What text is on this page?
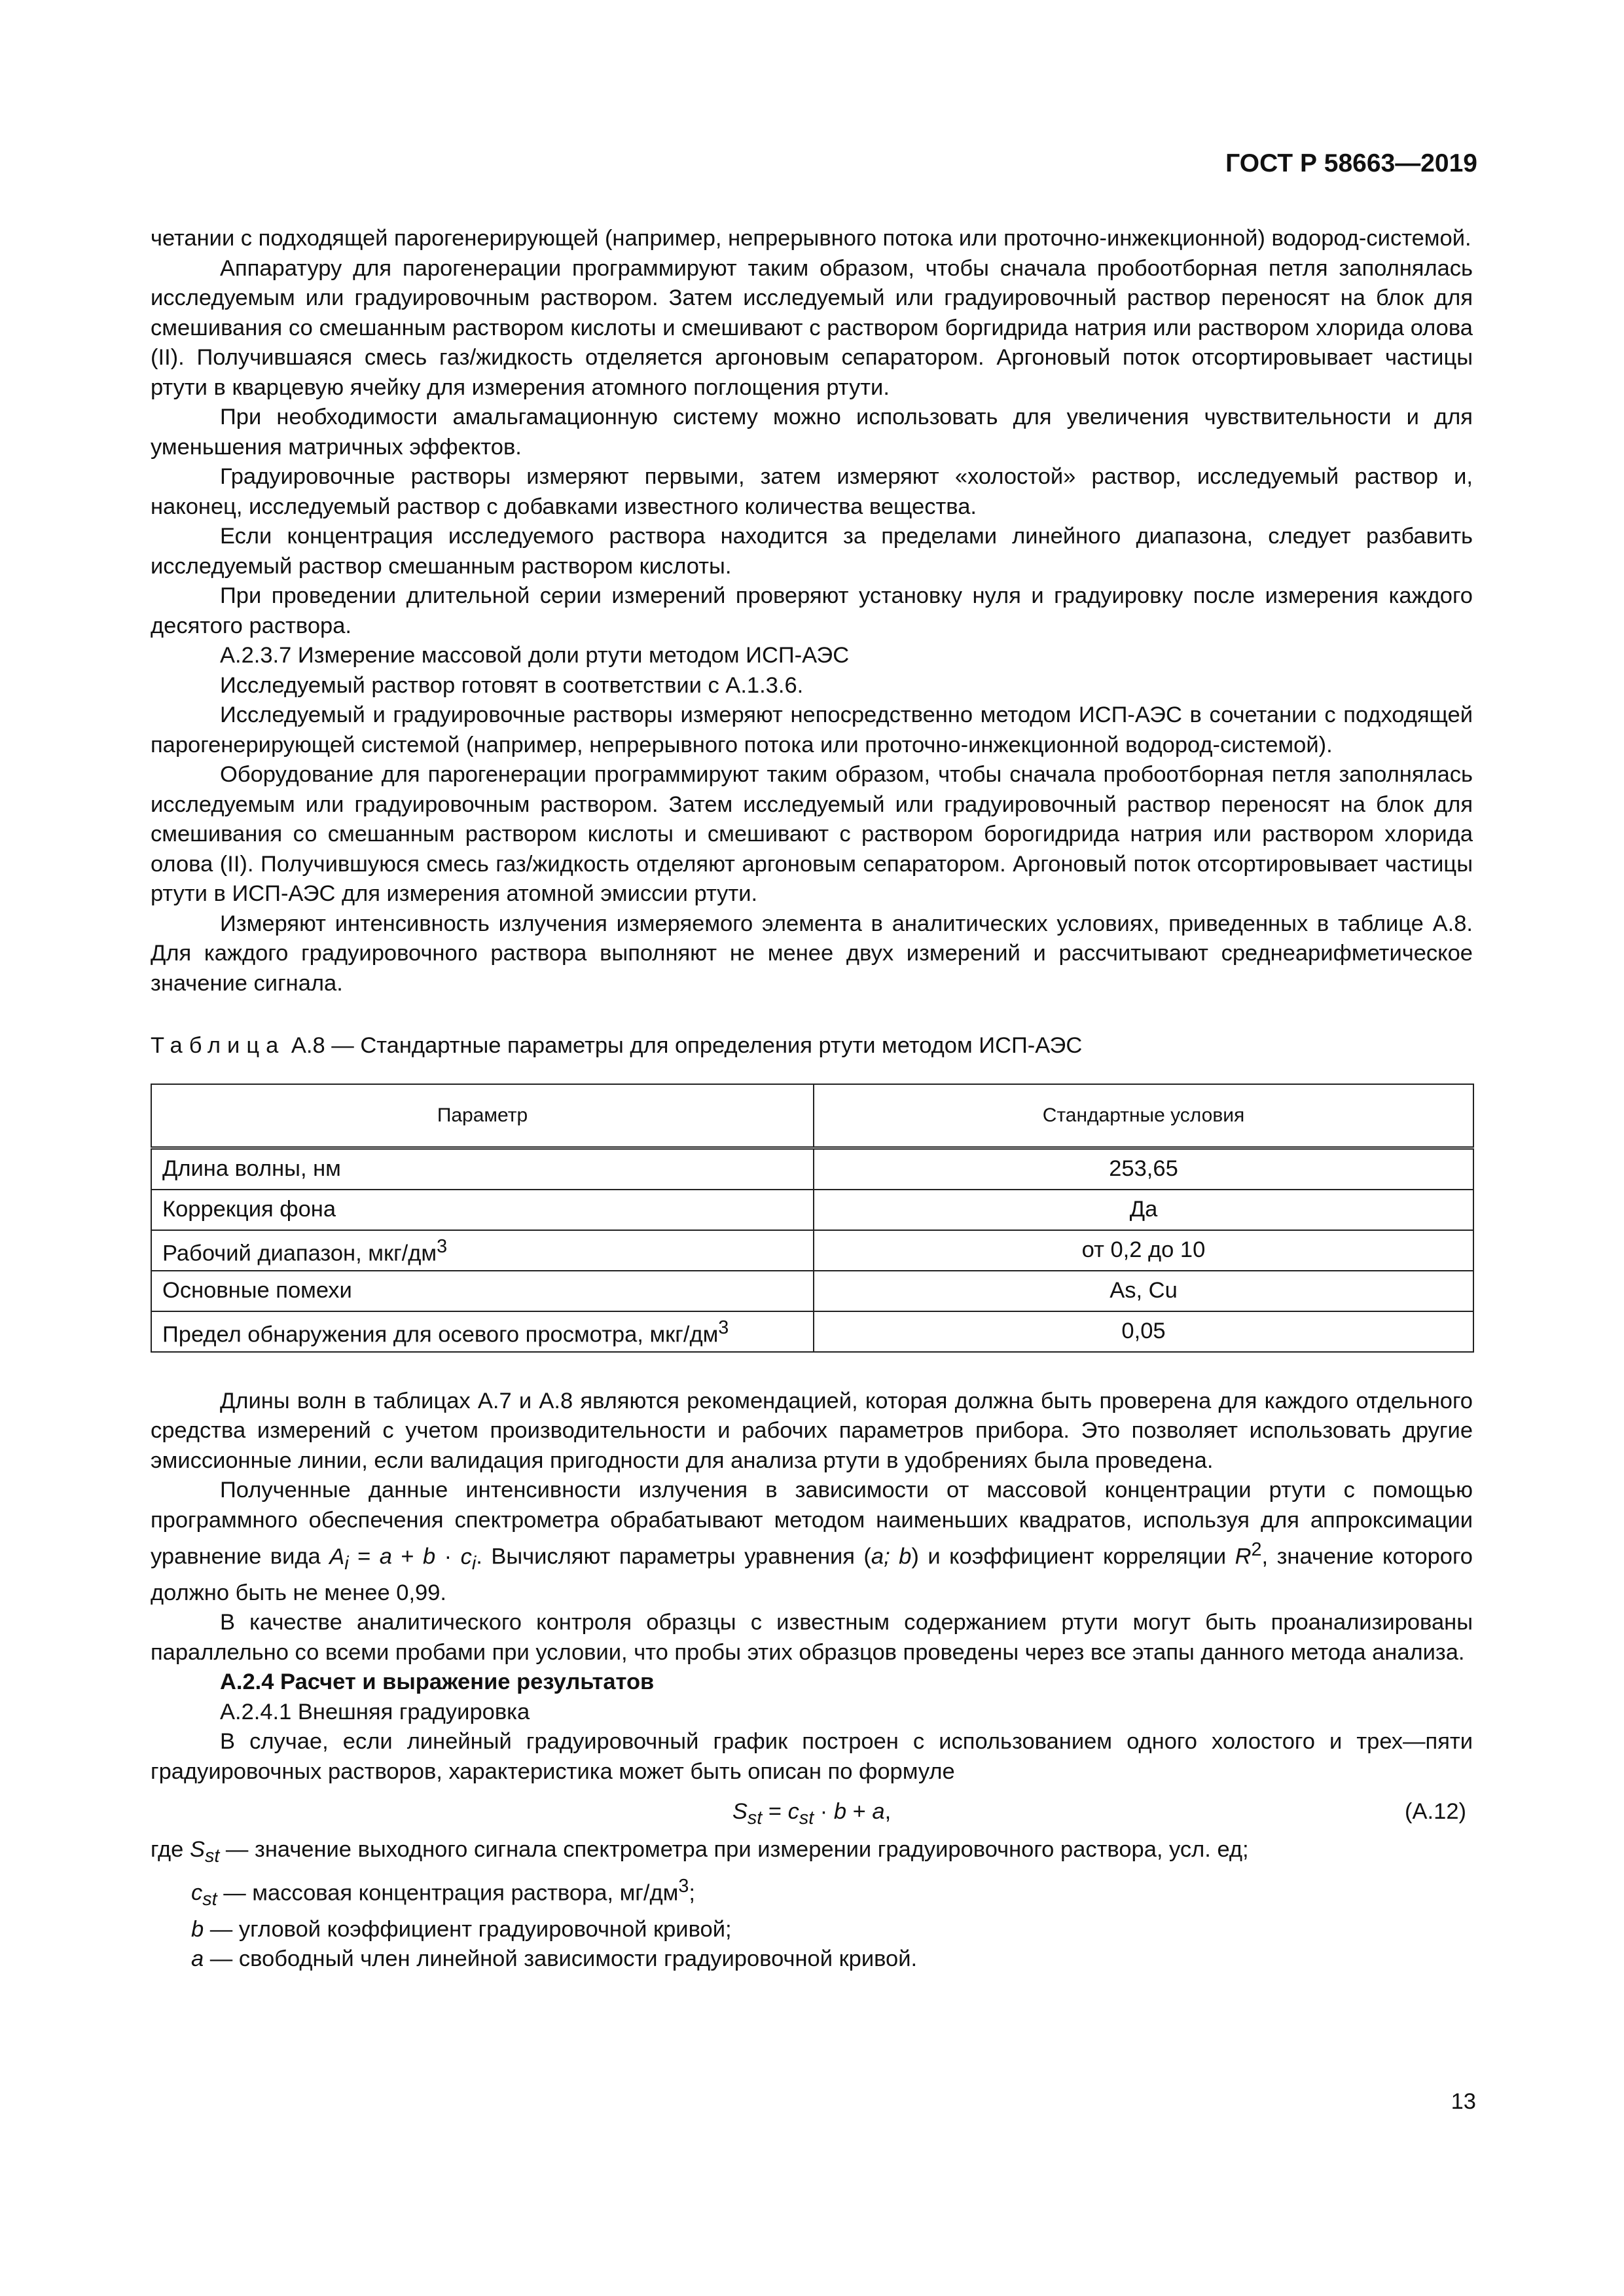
ГОСТ Р 58663—2019

четании с подходящей парогенерирующей (например, непрерывного потока или проточно-инжекционной) водород-системой.

Аппаратуру для парогенерации программируют таким образом, чтобы сначала пробоотборная петля заполнялась исследуемым или градуировочным раствором. Затем исследуемый или градуировочный раствор переносят на блок для смешивания со смешанным раствором кислоты и смешивают с раствором боргидрида натрия или раствором хлорида олова (II). Получившаяся смесь газ/жидкость отделяется аргоновым сепаратором. Аргоновый поток отсортировывает частицы ртути в кварцевую ячейку для измерения атомного поглощения ртути.

При необходимости амальгамационную систему можно использовать для увеличения чувствительности и для уменьшения матричных эффектов.

Градуировочные растворы измеряют первыми, затем измеряют «холостой» раствор, исследуемый раствор и, наконец, исследуемый раствор с добавками известного количества вещества.

Если концентрация исследуемого раствора находится за пределами линейного диапазона, следует разбавить исследуемый раствор смешанным раствором кислоты.

При проведении длительной серии измерений проверяют установку нуля и градуировку после измерения каждого десятого раствора.

А.2.3.7 Измерение массовой доли ртути методом ИСП-АЭС

Исследуемый раствор готовят в соответствии с А.1.3.6.

Исследуемый и градуировочные растворы измеряют непосредственно методом ИСП-АЭС в сочетании с подходящей парогенерирующей системой (например, непрерывного потока или проточно-инжекционной водород-системой).

Оборудование для парогенерации программируют таким образом, чтобы сначала пробоотборная петля заполнялась исследуемым или градуировочным раствором. Затем исследуемый или градуировочный раствор переносят на блок для смешивания со смешанным раствором кислоты и смешивают с раствором борогидрида натрия или раствором хлорида олова (II). Получившуюся смесь газ/жидкость отделяют аргоновым сепаратором. Аргоновый поток отсортировывает частицы ртути в ИСП-АЭС для измерения атомной эмиссии ртути.

Измеряют интенсивность излучения измеряемого элемента в аналитических условиях, приведенных в таблице А.8. Для каждого градуировочного раствора выполняют не менее двух измерений и рассчитывают среднеарифметическое значение сигнала.

Таблица А.8 — Стандартные параметры для определения ртути методом ИСП-АЭС
Параметр	Стандартные условия
Длина волны, нм	253,65
Коррекция фона	Да
Рабочий диапазон, мкг/$дм^3$	от 0,2 до 10
Основные помехи	As, Cu
Предел обнаружения для осевого просмотра, мкг/$дм^3$	0,05

Длины волн в таблицах А.7 и А.8 являются рекомендацией, которая должна быть проверена для каждого отдельного средства измерений с учетом производительности и рабочих параметров прибора. Это позволяет использовать другие эмиссионные линии, если валидация пригодности для анализа ртути в удобрениях была проведена.

Полученные данные интенсивности излучения в зависимости от массовой концентрации ртути с помощью программного обеспечения спектрометра обрабатывают методом наименьших квадратов, используя для аппроксимации уравнение вида $A_i = a + b \cdot c_i$. Вычисляют параметры уравнения (a; b) и коэффициент корреляции $R^2$, значение которого должно быть не менее 0,99.

В качестве аналитического контроля образцы с известным содержанием ртути могут быть проанализированы параллельно со всеми пробами при условии, что пробы этих образцов проведены через все этапы данного метода анализа.

А.2.4 Расчет и выражение результатов

А.2.4.1 Внешняя градуировка

В случае, если линейный градуировочный график построен с использованием одного холостого и трех—пяти градуировочных растворов, характеристика может быть описан по формуле

$S_{st} = c_{st} \cdot b + a$,	(А.12)

где $S_{st}$ — значение выходного сигнала спектрометра при измерении градуировочного раствора, усл. ед;

$c_{st}$ — массовая концентрация раствора, $мг/дм^3$;

b — угловой коэффициент градуировочной кривой;

a — свободный член линейной зависимости градуировочной кривой.

13
